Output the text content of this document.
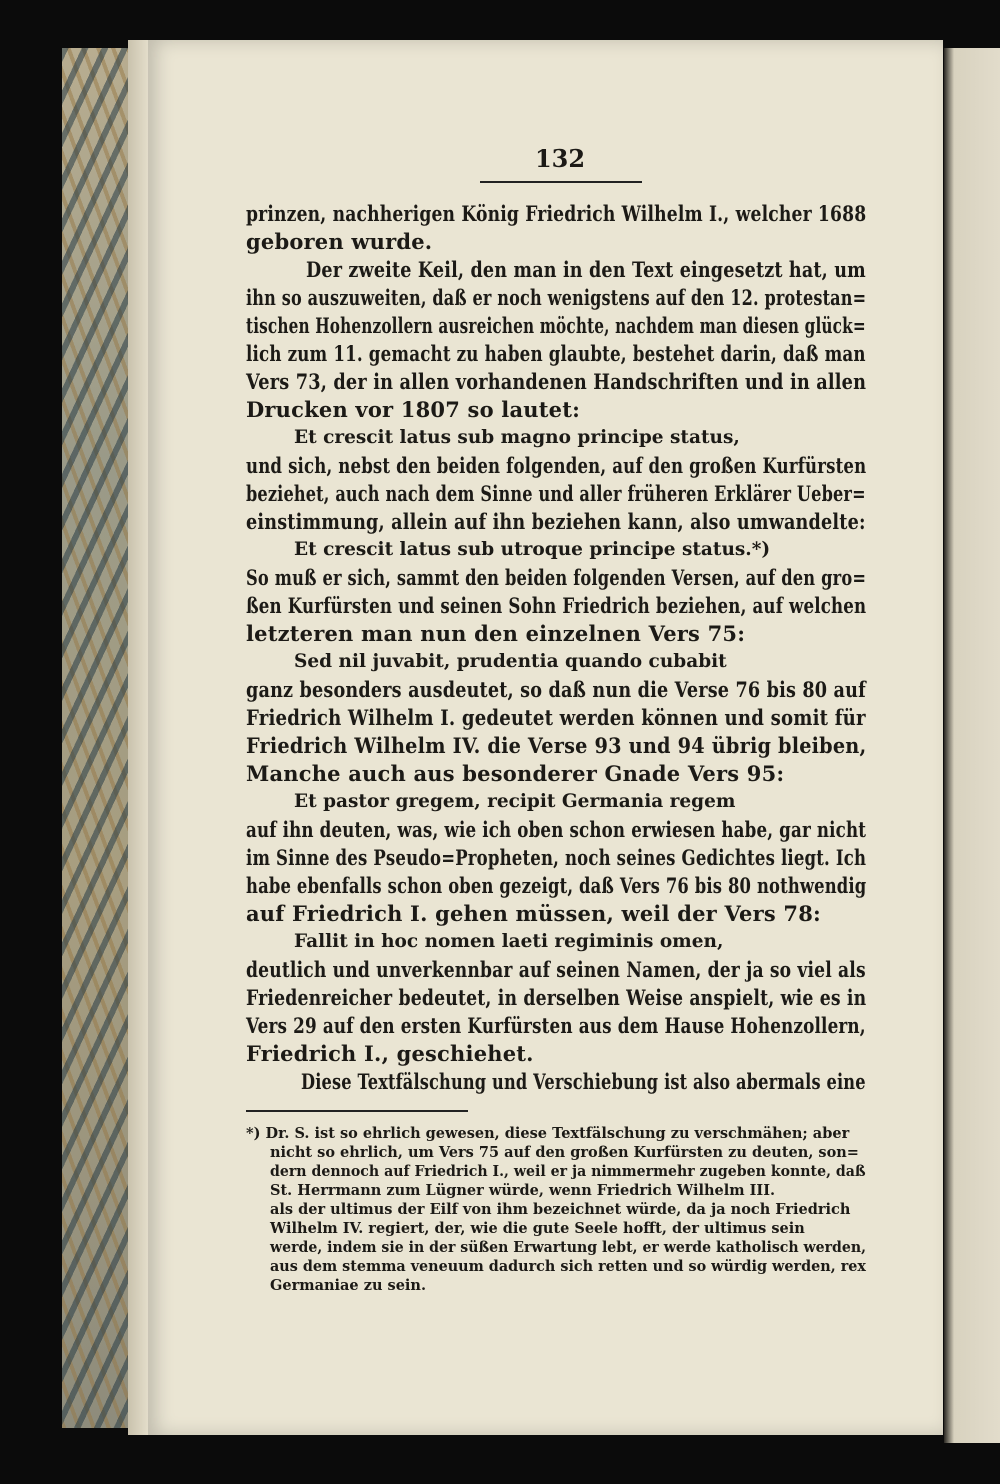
132
prinzen, nachherigen König Friedrich Wilhelm I., welcher 1688
geboren wurde.
Der zweite Keil, den man in den Text eingesetzt hat, um
ihn so auszuweiten, daß er noch wenigstens auf den 12. protestan=
tischen Hohenzollern ausreichen möchte, nachdem man diesen glück=
lich zum 11. gemacht zu haben glaubte, bestehet darin, daß man
Vers 73, der in allen vorhandenen Handschriften und in allen
Drucken vor 1807 so lautet:
Et crescit latus sub magno principe status,
und sich, nebst den beiden folgenden, auf den großen Kurfürsten
beziehet, auch nach dem Sinne und aller früheren Erklärer Ueber=
einstimmung, allein auf ihn beziehen kann, also umwandelte:
Et crescit latus sub utroque principe status.*)
So muß er sich, sammt den beiden folgenden Versen, auf den gro=
ßen Kurfürsten und seinen Sohn Friedrich beziehen, auf welchen
letzteren man nun den einzelnen Vers 75:
Sed nil juvabit, prudentia quando cubabit
ganz besonders ausdeutet, so daß nun die Verse 76 bis 80 auf
Friedrich Wilhelm I. gedeutet werden können und somit für
Friedrich Wilhelm IV. die Verse 93 und 94 übrig bleiben,
Manche auch aus besonderer Gnade Vers 95:
Et pastor gregem, recipit Germania regem
auf ihn deuten, was, wie ich oben schon erwiesen habe, gar nicht
im Sinne des Pseudo=Propheten, noch seines Gedichtes liegt. Ich
habe ebenfalls schon oben gezeigt, daß Vers 76 bis 80 nothwendig
auf Friedrich I. gehen müssen, weil der Vers 78:
Fallit in hoc nomen laeti regiminis omen,
deutlich und unverkennbar auf seinen Namen, der ja so viel als
Friedenreicher bedeutet, in derselben Weise anspielt, wie es in
Vers 29 auf den ersten Kurfürsten aus dem Hause Hohenzollern,
Friedrich I., geschiehet.
Diese Textfälschung und Verschiebung ist also abermals eine
*) Dr. S. ist so ehrlich gewesen, diese Textfälschung zu verschmähen; aber
nicht so ehrlich, um Vers 75 auf den großen Kurfürsten zu deuten, son=
dern dennoch auf Friedrich I., weil er ja nimmermehr zugeben konnte, daß
St. Herrmann zum Lügner würde, wenn Friedrich Wilhelm III.
als der ultimus der Eilf von ihm bezeichnet würde, da ja noch Friedrich
Wilhelm IV. regiert, der, wie die gute Seele hofft, der ultimus sein
werde, indem sie in der süßen Erwartung lebt, er werde katholisch werden,
aus dem stemma veneuum dadurch sich retten und so würdig werden, rex
Germaniae zu sein.
